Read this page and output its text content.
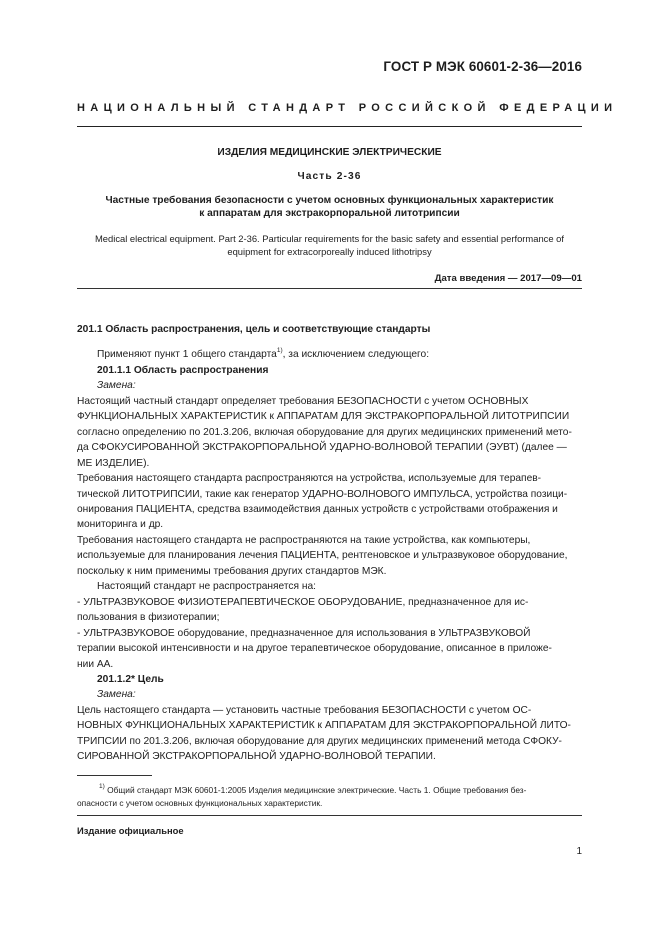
ГОСТ Р МЭК 60601-2-36—2016
НАЦИОНАЛЬНЫЙ СТАНДАРТ РОССИЙСКОЙ ФЕДЕРАЦИИ
ИЗДЕЛИЯ МЕДИЦИНСКИЕ ЭЛЕКТРИЧЕСКИЕ
Часть 2-36
Частные требования безопасности с учетом основных функциональных характеристик
к аппаратам для экстракорпоральной литотрипсии
Medical electrical equipment. Part 2-36. Particular requirements for the basic safety and essential performance of
equipment for extracorporeally induced lithotripsy
Дата введения — 2017—09—01
201.1 Область распространения, цель и соответствующие стандарты
Применяют пункт 1 общего стандарта$^{1)}$, за исключением следующего:
201.1.1 Область распространения
Замена:
Настоящий частный стандарт определяет требования БЕЗОПАСНОСТИ с учетом ОСНОВНЫХ
ФУНКЦИОНАЛЬНЫХ ХАРАКТЕРИСТИК к АППАРАТАМ ДЛЯ ЭКСТРАКОРПОРАЛЬНОЙ ЛИТОТРИПСИИ
согласно определению по 201.3.206, включая оборудование для других медицинских применений мето-
да СФОКУСИРОВАННОЙ ЭКСТРАКОРПОРАЛЬНОЙ УДАРНО-ВОЛНОВОЙ ТЕРАПИИ (ЭУВТ) (далее —
МЕ ИЗДЕЛИЕ).
Требования настоящего стандарта распространяются на устройства, используемые для терапев-
тической ЛИТОТРИПСИИ, такие как генератор УДАРНО-ВОЛНОВОГО ИМПУЛЬСА, устройства позици-
онирования ПАЦИЕНТА, средства взаимодействия данных устройств с устройствами отображения и
мониторинга и др.
Требования настоящего стандарта не распространяются на такие устройства, как компьютеры,
используемые для планирования лечения ПАЦИЕНТА, рентгеновское и ультразвуковое оборудование,
поскольку к ним применимы требования других стандартов МЭК.
Настоящий стандарт не распространяется на:
- УЛЬТРАЗВУКОВОЕ ФИЗИОТЕРАПЕВТИЧЕСКОЕ ОБОРУДОВАНИЕ, предназначенное для ис-
пользования в физиотерапии;
- УЛЬТРАЗВУКОВОЕ оборудование, предназначенное для использования в УЛЬТРАЗВУКОВОЙ
терапии высокой интенсивности и на другое терапевтическое оборудование, описанное в приложе-
нии АА.
201.1.2* Цель
Замена:
Цель настоящего стандарта — установить частные требования БЕЗОПАСНОСТИ с учетом ОС-
НОВНЫХ ФУНКЦИОНАЛЬНЫХ ХАРАКТЕРИСТИК к АППАРАТАМ ДЛЯ ЭКСТРАКОРПОРАЛЬНОЙ ЛИТО-
ТРИПСИИ по 201.3.206, включая оборудование для других медицинских применений метода СФОКУ-
СИРОВАННОЙ ЭКСТРАКОРПОРАЛЬНОЙ УДАРНО-ВОЛНОВОЙ ТЕРАПИИ.
$^{1)}$ Общий стандарт МЭК 60601-1:2005 Изделия медицинские электрические. Часть 1. Общие требования без-
опасности с учетом основных функциональных характеристик.
Издание официальное
1
